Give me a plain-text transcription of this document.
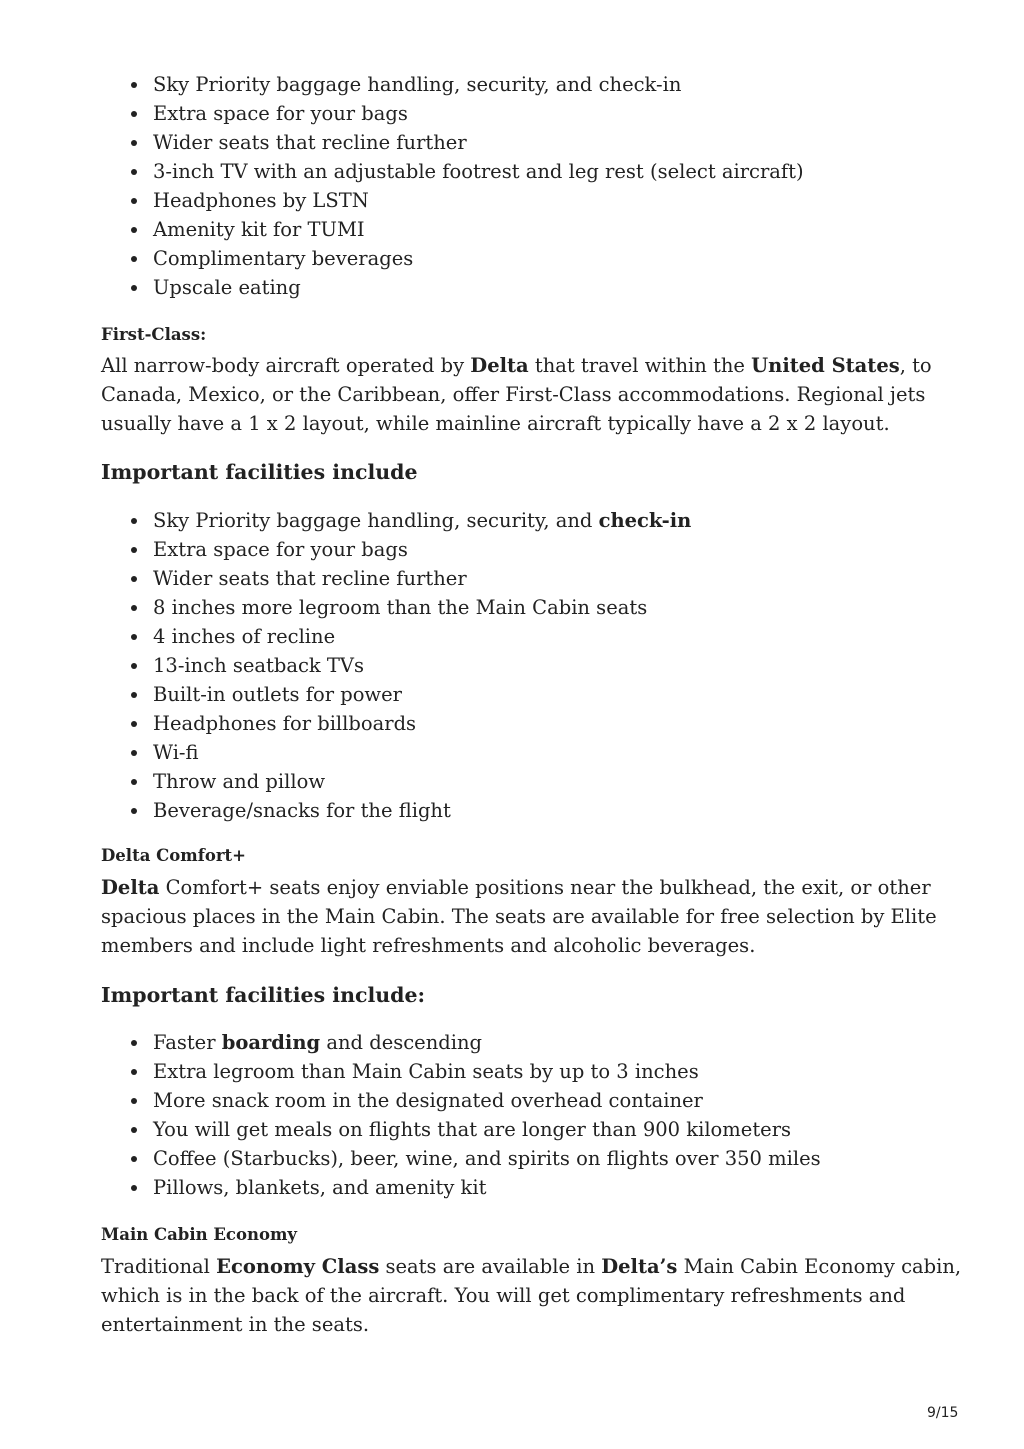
Sky Priority baggage handling, security, and check-in
Extra space for your bags
Wider seats that recline further
3-inch TV with an adjustable footrest and leg rest (select aircraft)
Headphones by LSTN
Amenity kit for TUMI
Complimentary beverages
Upscale eating
First-Class:

All narrow-body aircraft operated by Delta that travel within the United States, to
Canada, Mexico, or the Caribbean, offer First-Class accommodations. Regional jets
usually have a 1 x 2 layout, while mainline aircraft typically have a 2 x 2 layout.

Important facilities include
Sky Priority baggage handling, security, and check-in
Extra space for your bags
Wider seats that recline further
8 inches more legroom than the Main Cabin seats
4 inches of recline
13-inch seatback TVs
Built-in outlets for power
Headphones for billboards
Wi-fi
Throw and pillow
Beverage/snacks for the flight
Delta Comfort+

Delta Comfort+ seats enjoy enviable positions near the bulkhead, the exit, or other
spacious places in the Main Cabin. The seats are available for free selection by Elite
members and include light refreshments and alcoholic beverages.

Important facilities include:
Faster boarding and descending
Extra legroom than Main Cabin seats by up to 3 inches
More snack room in the designated overhead container
You will get meals on flights that are longer than 900 kilometers
Coffee (Starbucks), beer, wine, and spirits on flights over 350 miles
Pillows, blankets, and amenity kit
Main Cabin Economy

Traditional Economy Class seats are available in Delta’s Main Cabin Economy cabin,
which is in the back of the aircraft. You will get complimentary refreshments and
entertainment in the seats.

9/15
